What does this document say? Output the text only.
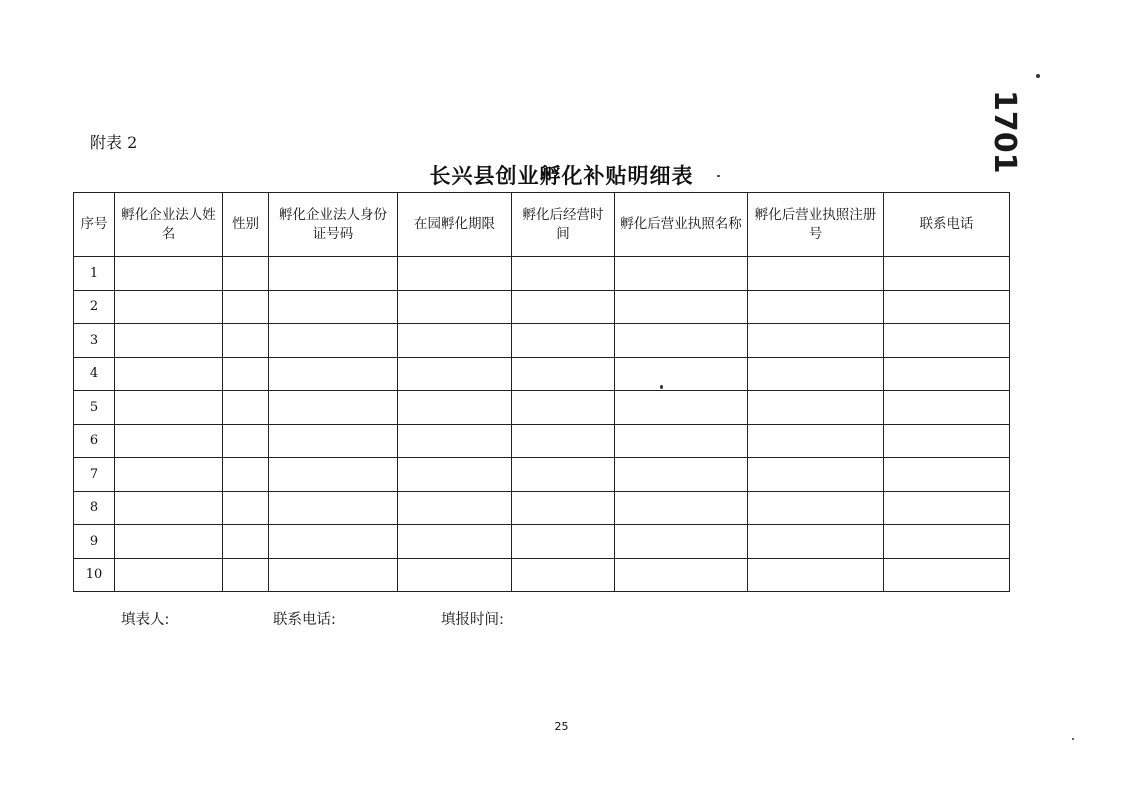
附表 2
长兴县创业孵化补贴明细表
1701
序号	孵化企业法人姓名	性别	孵化企业法人身份证号码	在园孵化期限	孵化后经营时间	孵化后营业执照名称	孵化后营业执照注册号	联系电话
1								
2								
3								
4								
5								
6								
7								
8								
9								
10								
填表人:	联系电话:	填报时间:
25
